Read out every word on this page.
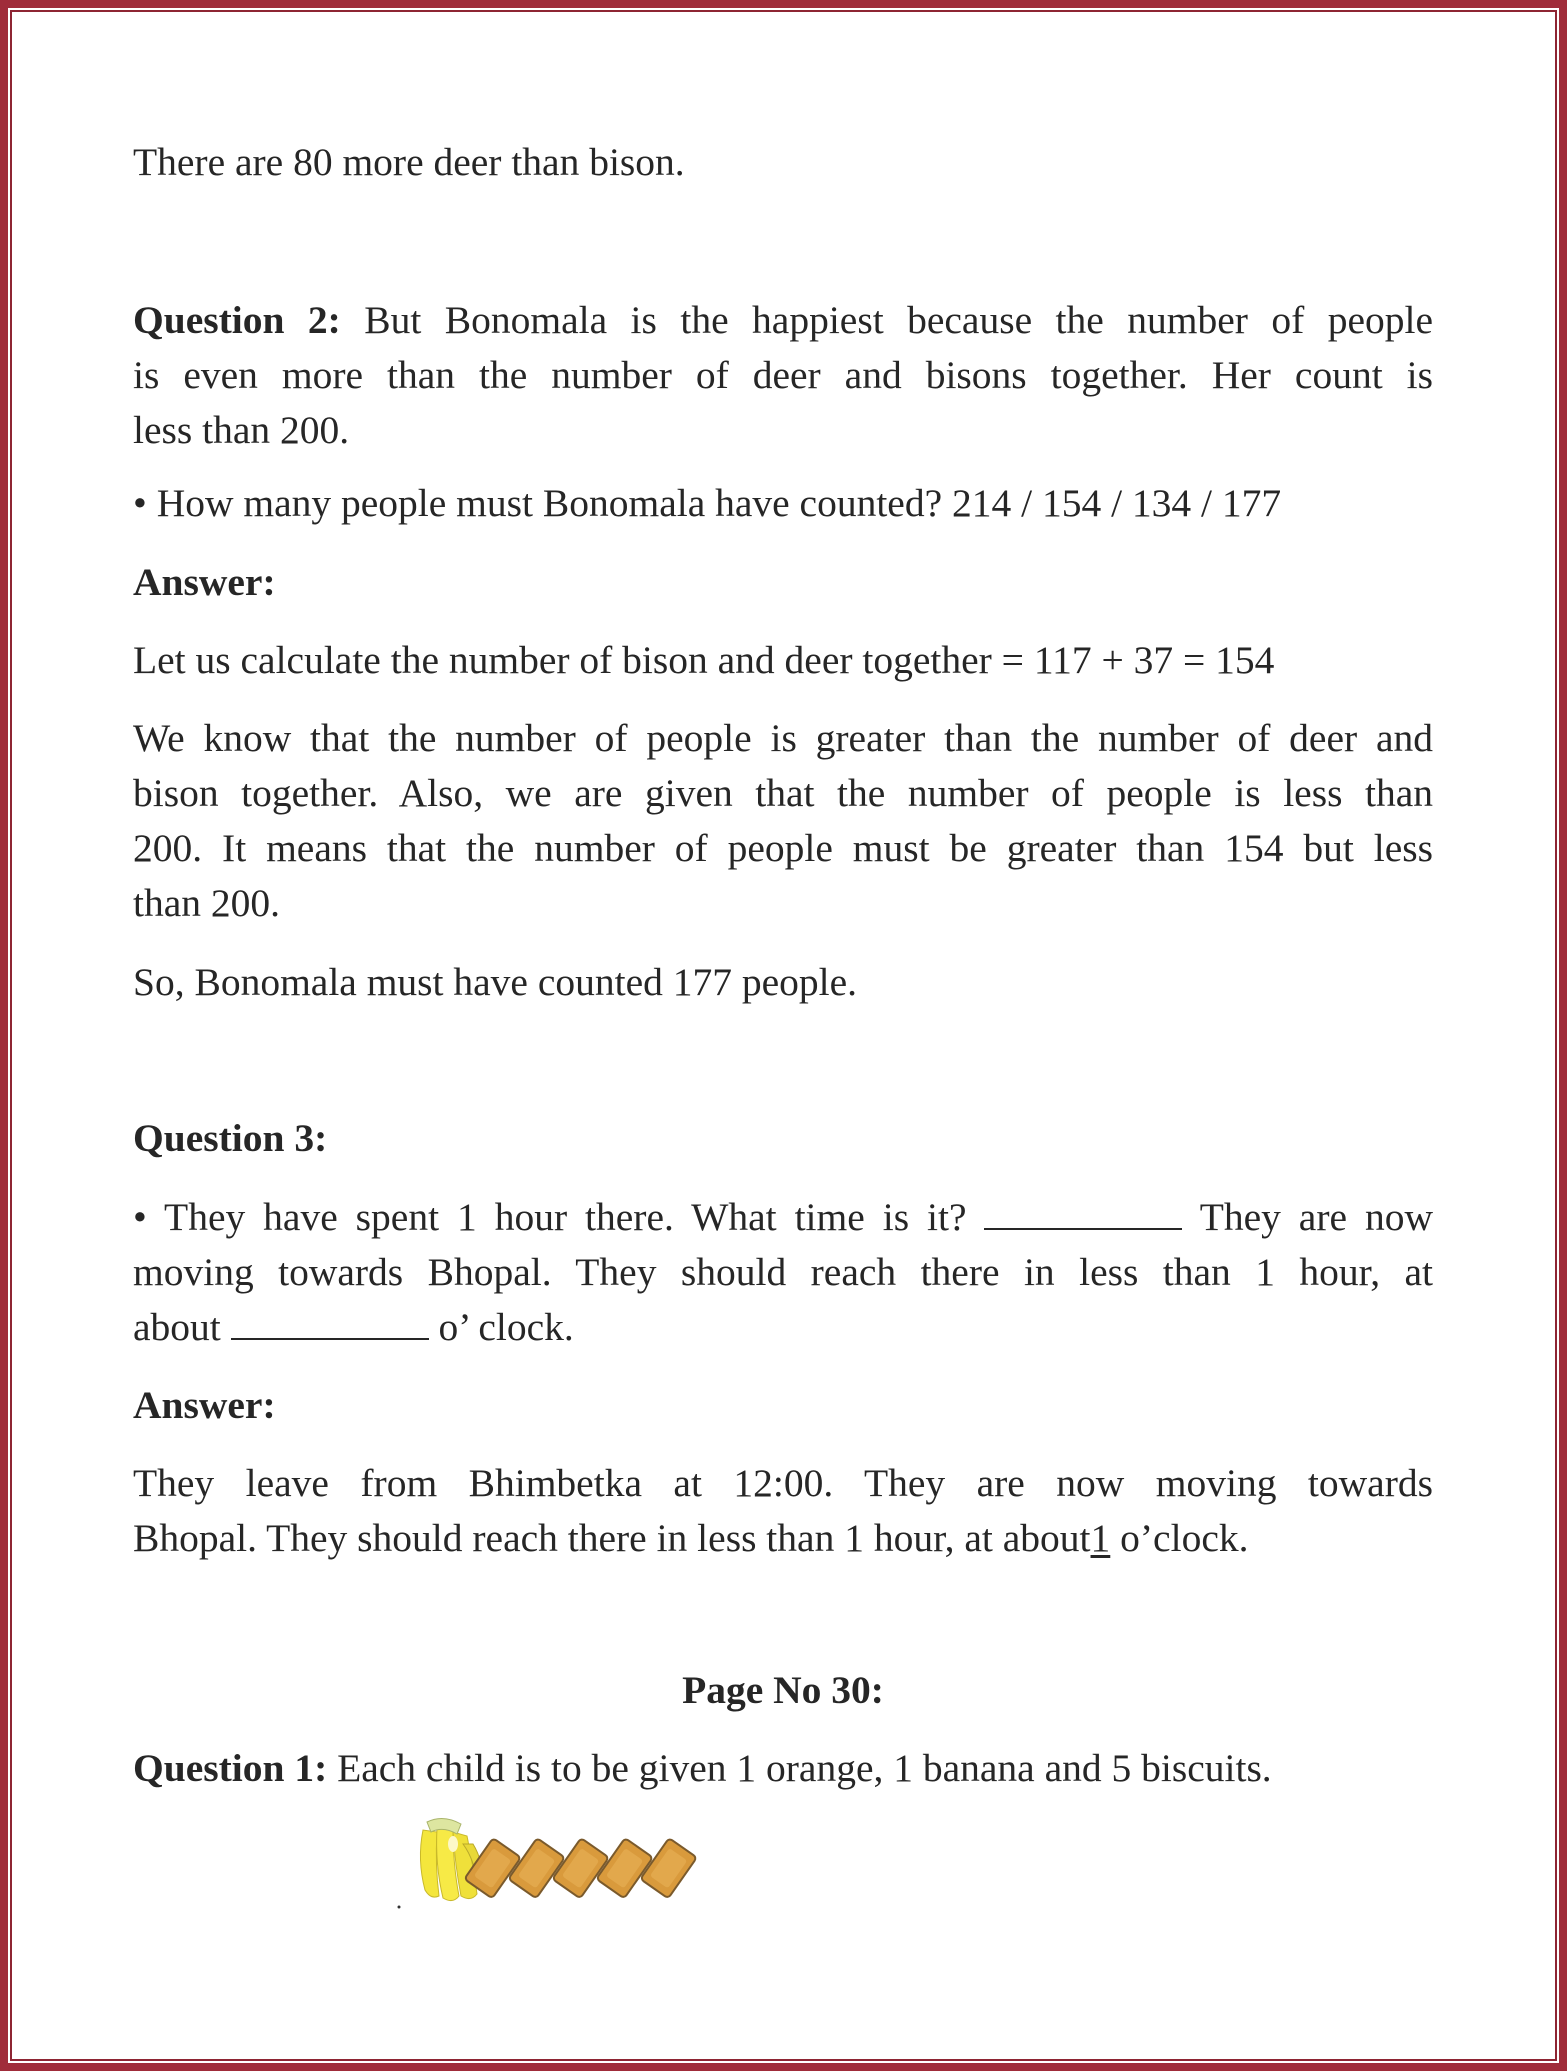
There are 80 more deer than bison.
Question 2: But Bonomala is the happiest because the number of people
is even more than the number of deer and bisons together. Her count is
less than 200.
• How many people must Bonomala have counted? 214 / 154 / 134 / 177
Answer:
Let us calculate the number of bison and deer together = 117 + 37 = 154
We know that the number of people is greater than the number of deer and
bison together. Also, we are given that the number of people is less than
200. It means that the number of people must be greater than 154 but less
than 200.
So, Bonomala must have counted 177 people.
Question 3:
• They have spent 1 hour there. What time is it?	They are now
moving towards Bhopal. They should reach there in less than 1 hour, at
about	o’ clock.
Answer:
They leave from Bhimbetka at 12:00. They are now moving towards
Bhopal. They should reach there in less than 1 hour, at about1 o’clock.
Page No 30:
Question 1: Each child is to be given 1 orange, 1 banana and 5 biscuits.
